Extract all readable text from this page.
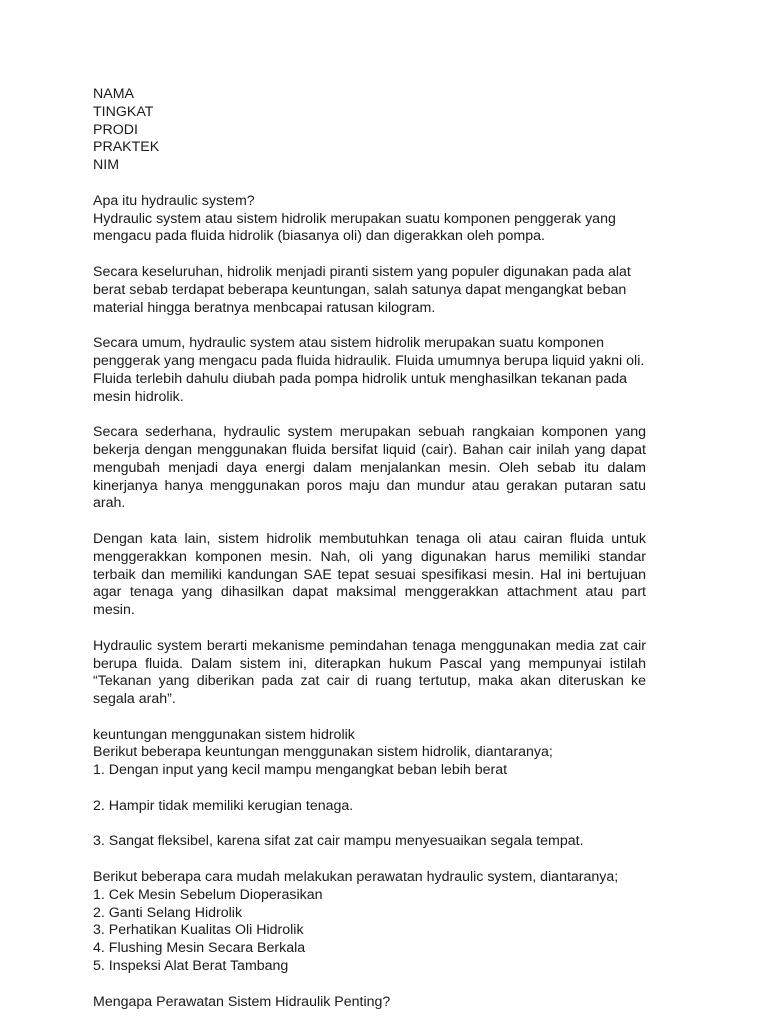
NAMA
TINGKAT
PRODI
PRAKTEK
NIM

Apa itu hydraulic system?

Hydraulic system atau sistem hidrolik merupakan suatu komponen penggerak yang mengacu pada fluida hidrolik (biasanya oli) dan digerakkan oleh pompa.

Secara keseluruhan, hidrolik menjadi piranti sistem yang populer digunakan pada alat berat sebab terdapat beberapa keuntungan, salah satunya dapat mengangkat beban material hingga beratnya menbcapai ratusan kilogram.

Secara umum, hydraulic system atau sistem hidrolik merupakan suatu komponen penggerak yang mengacu pada fluida hidraulik. Fluida umumnya berupa liquid yakni oli. Fluida terlebih dahulu diubah pada pompa hidrolik untuk menghasilkan tekanan pada mesin hidrolik.

Secara sederhana, hydraulic system merupakan sebuah rangkaian komponen yang bekerja dengan menggunakan fluida bersifat liquid (cair). Bahan cair inilah yang dapat mengubah menjadi daya energi dalam menjalankan mesin. Oleh sebab itu dalam kinerjanya hanya menggunakan poros maju dan mundur atau gerakan putaran satu arah.

Dengan kata lain, sistem hidrolik membutuhkan tenaga oli atau cairan fluida untuk menggerakkan komponen mesin. Nah, oli yang digunakan harus memiliki standar terbaik dan memiliki kandungan SAE tepat sesuai spesifikasi mesin. Hal ini bertujuan agar tenaga yang dihasilkan dapat maksimal menggerakkan attachment atau part mesin.

Hydraulic system berarti mekanisme pemindahan tenaga menggunakan media zat cair berupa fluida. Dalam sistem ini, diterapkan hukum Pascal yang mempunyai istilah “Tekanan yang diberikan pada zat cair di ruang tertutup, maka akan diteruskan ke segala arah”.

keuntungan menggunakan sistem hidrolik
Berikut beberapa keuntungan menggunakan sistem hidrolik, diantaranya;
1. Dengan input yang kecil mampu mengangkat beban lebih berat
2. Hampir tidak memiliki kerugian tenaga.
3. Sangat fleksibel, karena sifat zat cair mampu menyesuaikan segala tempat.
Berikut beberapa cara mudah melakukan perawatan hydraulic system, diantaranya;
1. Cek Mesin Sebelum Dioperasikan
2. Ganti Selang Hidrolik
3. Perhatikan Kualitas Oli Hidrolik
4. Flushing Mesin Secara Berkala
5. Inspeksi Alat Berat Tambang
Mengapa Perawatan Sistem Hidraulik Penting?
